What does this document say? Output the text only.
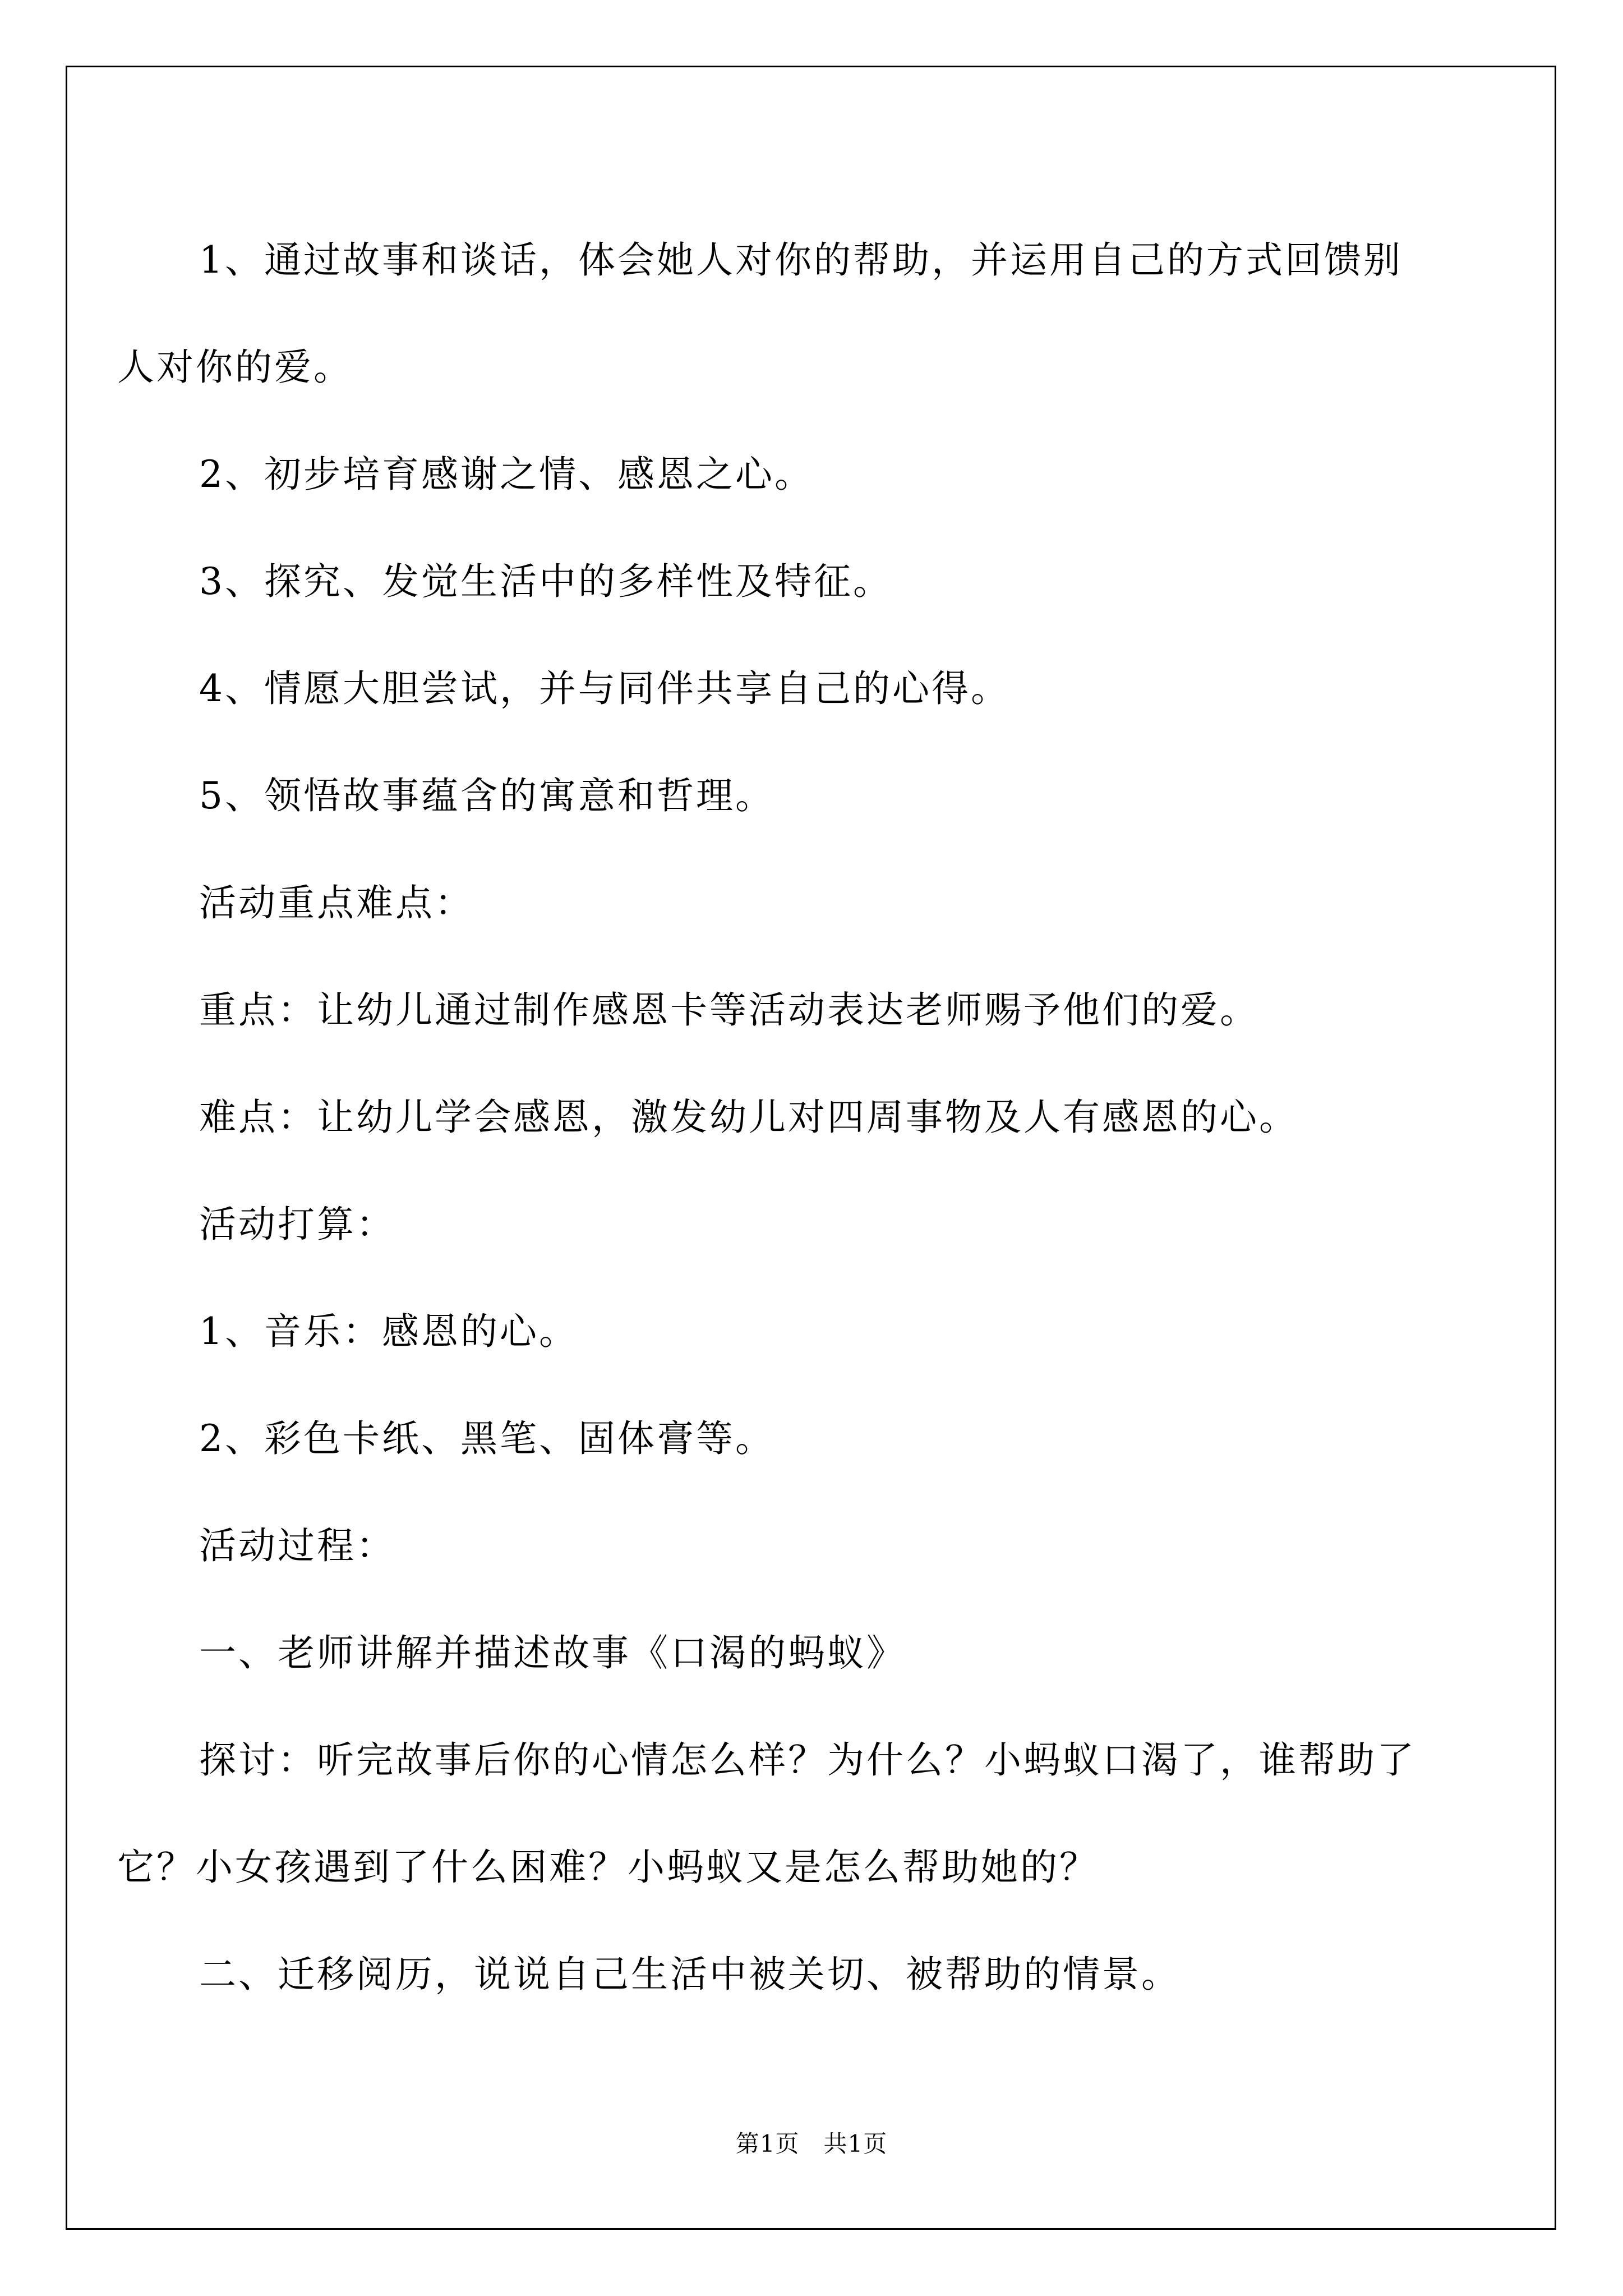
1、通过故事和谈话，体会她人对你的帮助，并运用自己的方式回馈别人对你的爱。

2、初步培育感谢之情、感恩之心。

3、探究、发觉生活中的多样性及特征。

4、情愿大胆尝试，并与同伴共享自己的心得。

5、领悟故事蕴含的寓意和哲理。

活动重点难点：

重点：让幼儿通过制作感恩卡等活动表达老师赐予他们的爱。

难点：让幼儿学会感恩，激发幼儿对四周事物及人有感恩的心。

活动打算：

1、音乐：感恩的心。

2、彩色卡纸、黑笔、固体膏等。

活动过程：

一、老师讲解并描述故事《口渴的蚂蚁》

探讨：听完故事后你的心情怎么样？为什么？小蚂蚁口渴了，谁帮助了它？小女孩遇到了什么困难？小蚂蚁又是怎么帮助她的？

二、迁移阅历，说说自己生活中被关切、被帮助的情景。

第1页　共1页
